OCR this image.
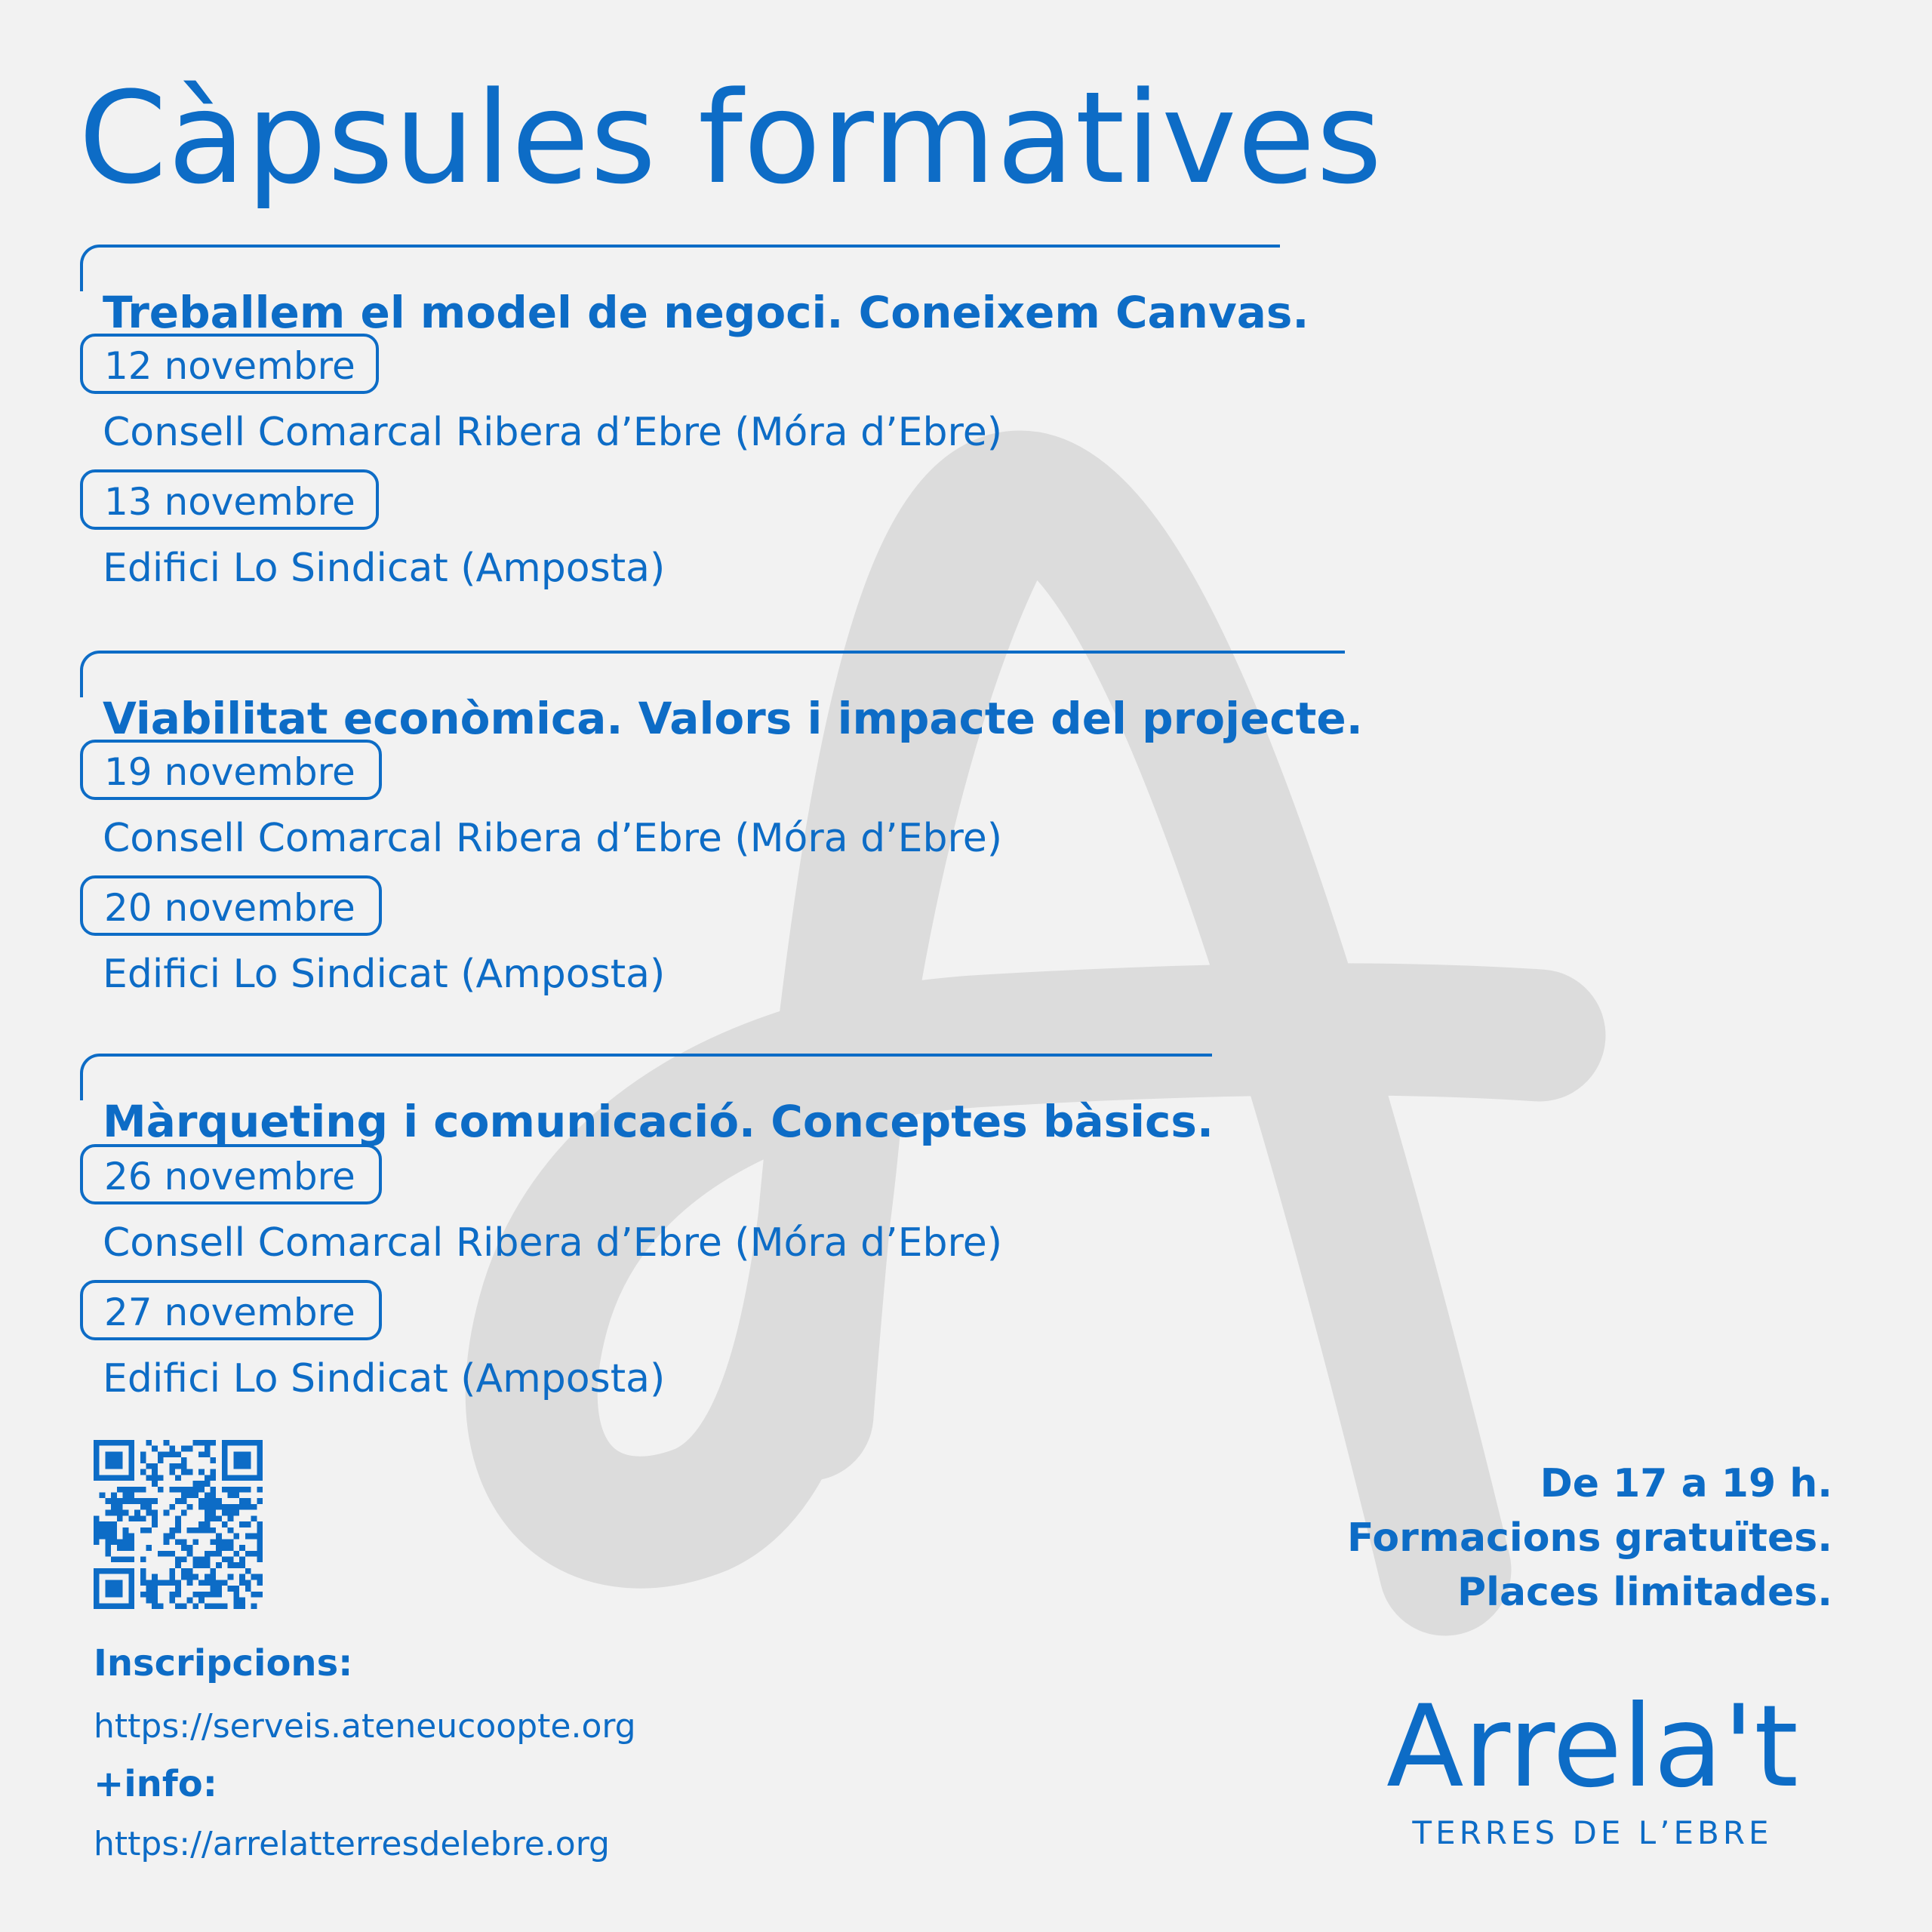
Càpsules formatives
Treballem el model de negoci. Coneixem Canvas.
12 novembre
Consell Comarcal Ribera d’Ebre (Móra d’Ebre)
13 novembre
Edifici Lo Sindicat (Amposta)
Viabilitat econòmica. Valors i impacte del projecte.
19 novembre
Consell Comarcal Ribera d’Ebre (Móra d’Ebre)
20 novembre
Edifici Lo Sindicat (Amposta)
Màrqueting i comunicació. Conceptes bàsics.
26 novembre
Consell Comarcal Ribera d’Ebre (Móra d’Ebre)
27 novembre
Edifici Lo Sindicat (Amposta)
Inscripcions:
https://serveis.ateneucoopte.org
+info:
https://arrelatterresdelebre.org
De 17 a 19 h.
Formacions gratuïtes.
Places limitades.
Arrela't
TERRES DE L’EBRE
